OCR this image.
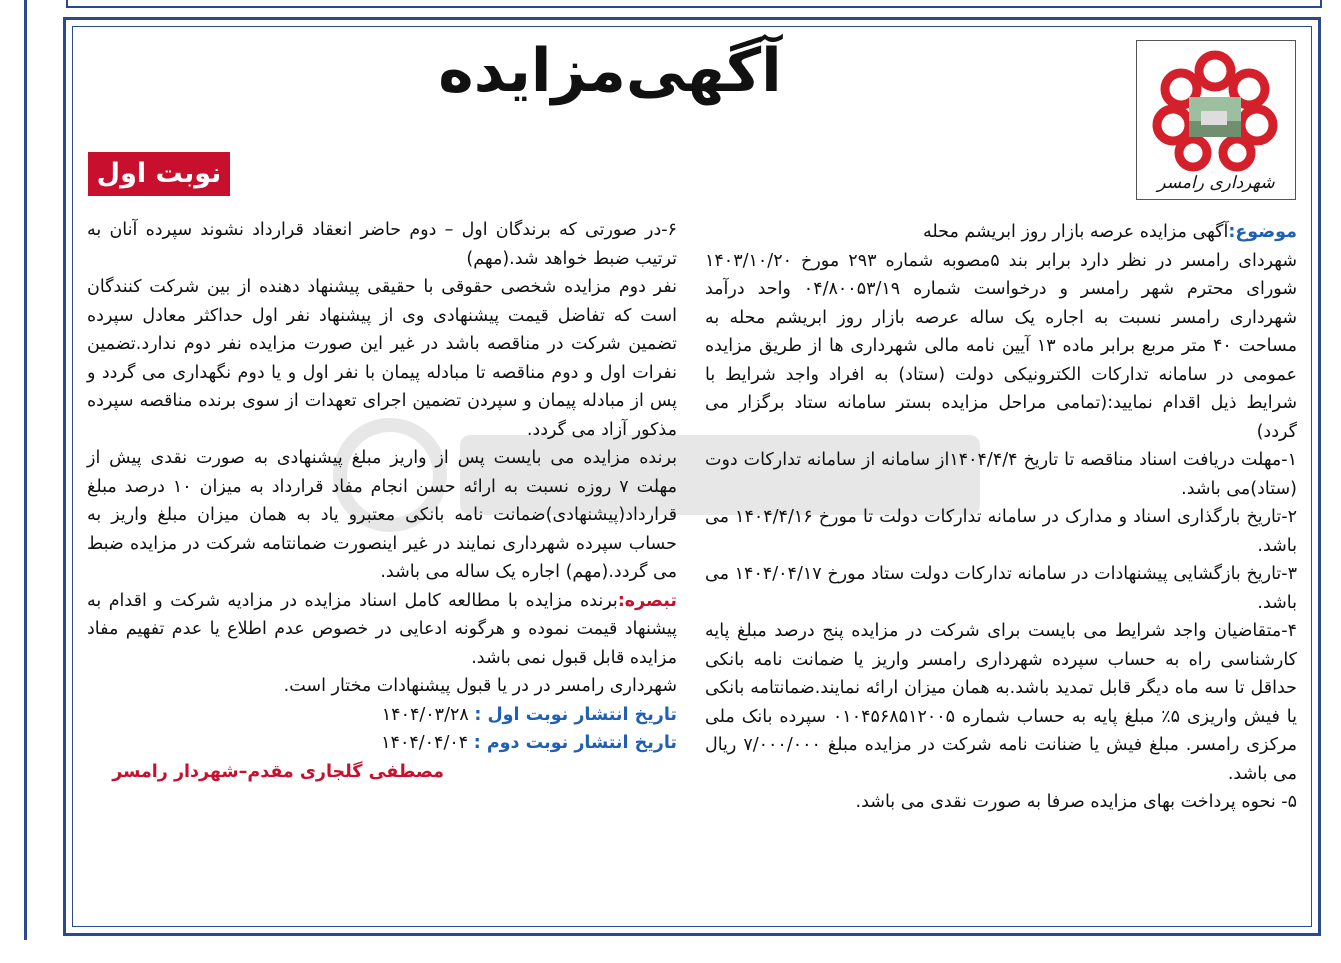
شهرداری رامسر
آگهی‌مزایده
نوبت اول

موضوع:آگهی مزایده عرصه بازار روز ابریشم محله

شهردای رامسر در نظر دارد برابر بند ۵مصوبه شماره ۲۹۳ مورخ ۱۴۰۳/۱۰/۲۰ شورای محترم شهر رامسر و درخواست شماره ۰۴/۸۰۰۵۳/۱۹ واحد درآمد شهرداری رامسر نسبت به اجاره یک ساله عرصه بازار روز ابریشم محله به مساحت ۴۰ متر مربع برابر ماده ۱۳ آیین نامه مالی شهرداری ها از طریق مزایده عمومی در سامانه تدارکات الکترونیکی دولت (ستاد) به افراد واجد شرایط با شرایط ذیل اقدام نمایید:(تمامی مراحل مزایده بستر سامانه ستاد برگزار می گردد)

۱-مهلت دریافت اسناد مناقصه تا تاریخ ۱۴۰۴/۴/۴از سامانه از سامانه تدارکات دوت (ستاد)می باشد.

۲-تاریخ بارگذاری اسناد و مدارک در سامانه تدارکات دولت تا مورخ ۱۴۰۴/۴/۱۶ می باشد.

۳-تاریخ بازگشایی پیشنهادات در سامانه تدارکات دولت ستاد مورخ ۱۴۰۴/۰۴/۱۷ می باشد.

۴-متقاضیان واجد شرایط می بایست برای شرکت در مزایده پنج درصد مبلغ پایه کارشناسی راه به حساب سپرده شهرداری رامسر واریز یا ضمانت نامه بانکی حداقل تا سه ماه دیگر قابل تمدید باشد.به همان میزان ارائه نمایند.ضمانتامه بانکی یا فیش واریزی ۵٪ مبلغ پایه به حساب شماره ۰۱۰۴۵۶۸۵۱۲۰۰۵ سپرده بانک ملی مرکزی رامسر. مبلغ فیش یا ضنانت نامه شرکت در مزایده مبلغ ۷/۰۰۰/۰۰۰ ریال می باشد.

۵- نحوه پرداخت بهای مزایده صرفا به صورت نقدی می باشد.

۶-در صورتی که برندگان اول – دوم حاضر انعقاد قرارداد نشوند سپرده آنان به ترتیب ضبط خواهد شد.(مهم)

نفر دوم مزایده شخصی حقوقی با حقیقی پیشنهاد دهنده از بین شرکت کنندگان است که تفاضل قیمت پیشنهادی وی از پیشنهاد نفر اول حداکثر معادل سپرده تضمین شرکت در مناقصه باشد در غیر این صورت مزایده نفر دوم ندارد.تضمین نفرات اول و دوم مناقصه تا مبادله پیمان با نفر اول و یا دوم نگهداری می گردد و پس از مبادله پیمان و سپردن تضمین اجرای تعهدات از سوی برنده مناقصه سپرده مذکور آزاد می گردد.

برنده مزایده می بایست پس از واریز مبلغ پیشنهادی به صورت نقدی پیش از مهلت ۷ روزه نسبت به ارائه حسن انجام مفاد قرارداد به میزان ۱۰ درصد مبلغ قرارداد(پیشنهادی)ضمانت نامه بانکی معتبرو یاد به همان میزان مبلغ واریز به حساب سپرده شهرداری نمایند در غیر اینصورت ضمانتامه شرکت در مزایده ضبط می گردد.(مهم) اجاره یک ساله می باشد.

تبصره:برنده مزایده با مطالعه کامل اسناد مزایده در مزادیه شرکت و اقدام به پیشنهاد قیمت نموده و هرگونه ادعایی در خصوص عدم اطلاع یا عدم تفهیم مفاد مزایده قابل قبول نمی باشد.

شهرداری رامسر در در یا قبول پیشنهادات مختار است.

تاریخ انتشار نوبت اول : ۱۴۰۴/۰۳/۲۸

تاریخ انتشار نوبت دوم : ۱۴۰۴/۰۴/۰۴

مصطفی گلجاری مقدم–شهردار رامسر
